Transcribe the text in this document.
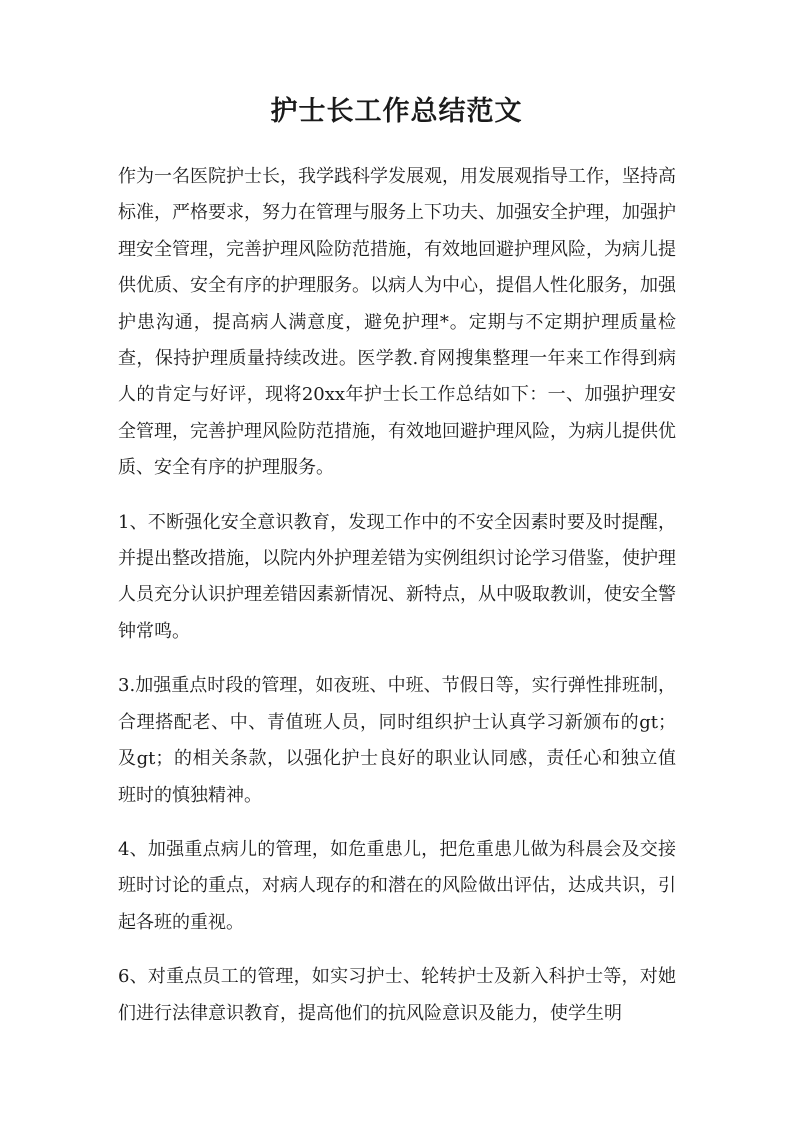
护士长工作总结范文

作为一名医院护士长，我学践科学发展观，用发展观指导工作，坚持高标准，严格要求，努力在管理与服务上下功夫、加强安全护理，加强护理安全管理，完善护理风险防范措施，有效地回避护理风险，为病儿提供优质、安全有序的护理服务。以病人为中心，提倡人性化服务，加强护患沟通，提高病人满意度，避免护理*。定期与不定期护理质量检查，保持护理质量持续改进。医学教.育网搜集整理一年来工作得到病人的肯定与好评，现将20xx年护士长工作总结如下：一、加强护理安全管理，完善护理风险防范措施，有效地回避护理风险，为病儿提供优质、安全有序的护理服务。

1、不断强化安全意识教育，发现工作中的不安全因素时要及时提醒，并提出整改措施，以院内外护理差错为实例组织讨论学习借鉴，使护理人员充分认识护理差错因素新情况、新特点，从中吸取教训，使安全警钟常鸣。

3.加强重点时段的管理，如夜班、中班、节假日等，实行弹性排班制，合理搭配老、中、青值班人员，同时组织护士认真学习新颁布的gt；及gt；的相关条款，以强化护士良好的职业认同感，责任心和独立值班时的慎独精神。

4、加强重点病儿的管理，如危重患儿，把危重患儿做为科晨会及交接班时讨论的重点，对病人现存的和潜在的风险做出评估，达成共识，引起各班的重视。

6、对重点员工的管理，如实习护士、轮转护士及新入科护士等，对她们进行法律意识教育，提高他们的抗风险意识及能力，使学生明
